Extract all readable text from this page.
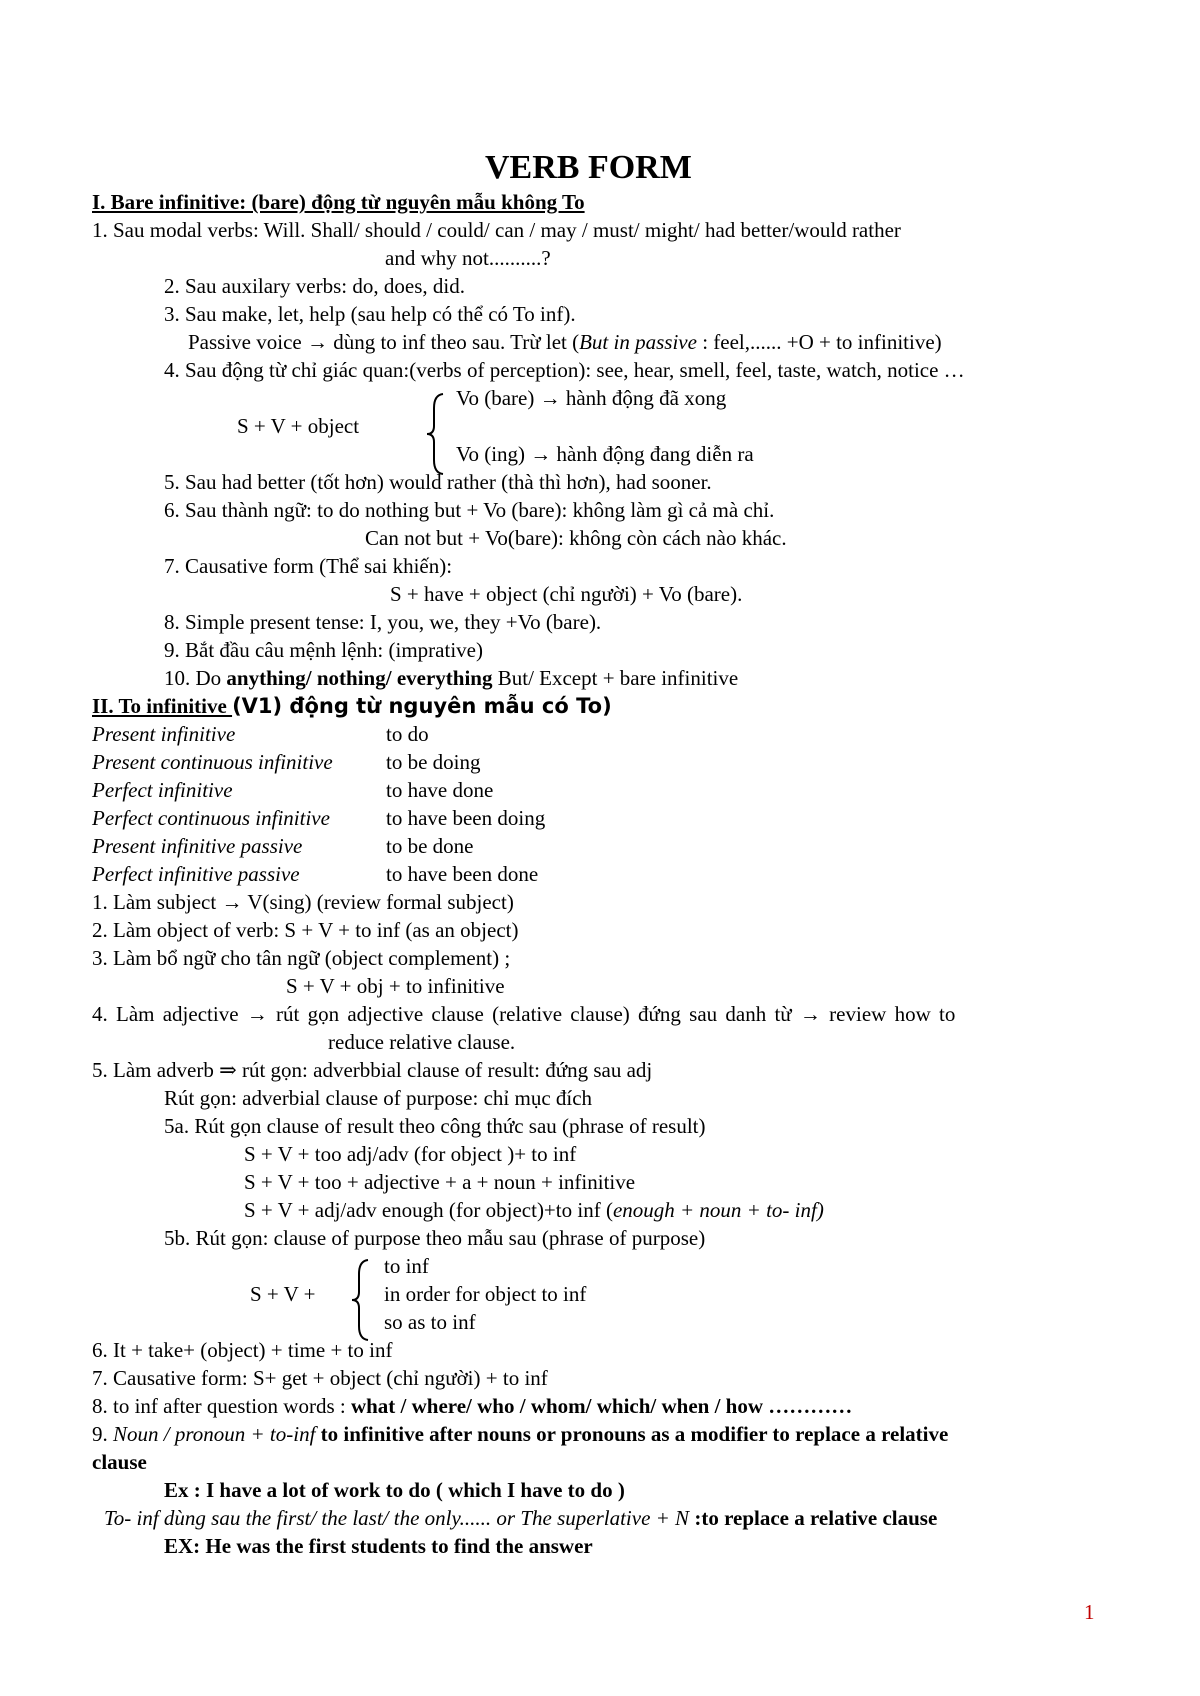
VERB FORM
I. Bare infinitive: (bare) động từ nguyên mẫu không To
1. Sau modal verbs: Will. Shall/ should / could/ can / may / must/ might/ had better/would rather
and why not..........?
2. Sau auxilary verbs: do, does, did.
3. Sau make, let, help (sau help có thể có To inf).
Passive voice → dùng to inf theo sau. Trừ let (But in passive : feel,...... +O + to infinitive)
4. Sau động từ chỉ giác quan:(verbs of perception): see, hear, smell, feel, taste, watch, notice …
S + V + object
Vo (bare) → hành động đã xong
Vo (ing) → hành động đang diễn ra
5. Sau had better (tốt hơn) would rather (thà thì hơn), had sooner.
6. Sau thành ngữ: to do nothing but + Vo (bare): không làm gì cả mà chỉ.
Can not but + Vo(bare): không còn cách nào khác.
7. Causative form (Thể sai khiến):
S + have + object (chỉ người) + Vo (bare).
8. Simple present tense: I, you, we, they +Vo (bare).
9. Bắt đầu câu mệnh lệnh: (imprative)
10. Do anything/ nothing/ everything But/ Except + bare infinitive
II. To infinitive (V1) động từ nguyên mẫu có To)
Present infinitive	to do
Present continuous infinitive	to be doing
Perfect infinitive	to have done
Perfect continuous infinitive	to have been doing
Present infinitive passive	to be done
Perfect infinitive passive	to have been done
1. Làm subject → V(sing) (review formal subject)
2. Làm object of verb: S + V + to inf (as an object)
3. Làm bổ ngữ cho tân ngữ (object complement) ;
S + V + obj + to infinitive
4. Làm adjective → rút gọn adjective clause (relative clause) đứng sau danh từ → review how to
reduce relative clause.
5. Làm adverb ⇒ rút gọn: adverbbial clause of result: đứng sau adj
Rút gọn: adverbial clause of purpose: chỉ mục đích
5a. Rút gọn clause of result theo công thức sau (phrase of result)
S + V + too adj/adv (for object )+ to inf
S + V + too + adjective + a + noun + infinitive
S + V + adj/adv enough (for object)+to inf (enough + noun + to- inf)
5b. Rút gọn: clause of purpose theo mẫu sau (phrase of purpose)
S + V +
to inf
in order for object to inf
so as to inf
6. It + take+ (object) + time + to inf
7. Causative form: S+ get + object (chỉ người) + to inf
8. to inf after question words : what / where/ who / whom/ which/ when / how …………
9. Noun / pronoun + to-inf to infinitive after nouns or pronouns as a modifier to replace a relative
clause
Ex : I have a lot of work to do ( which I have to do )
To- inf dùng sau the first/ the last/ the only...... or The superlative + N :to replace a relative clause
EX: He was the first students to find the answer
1
